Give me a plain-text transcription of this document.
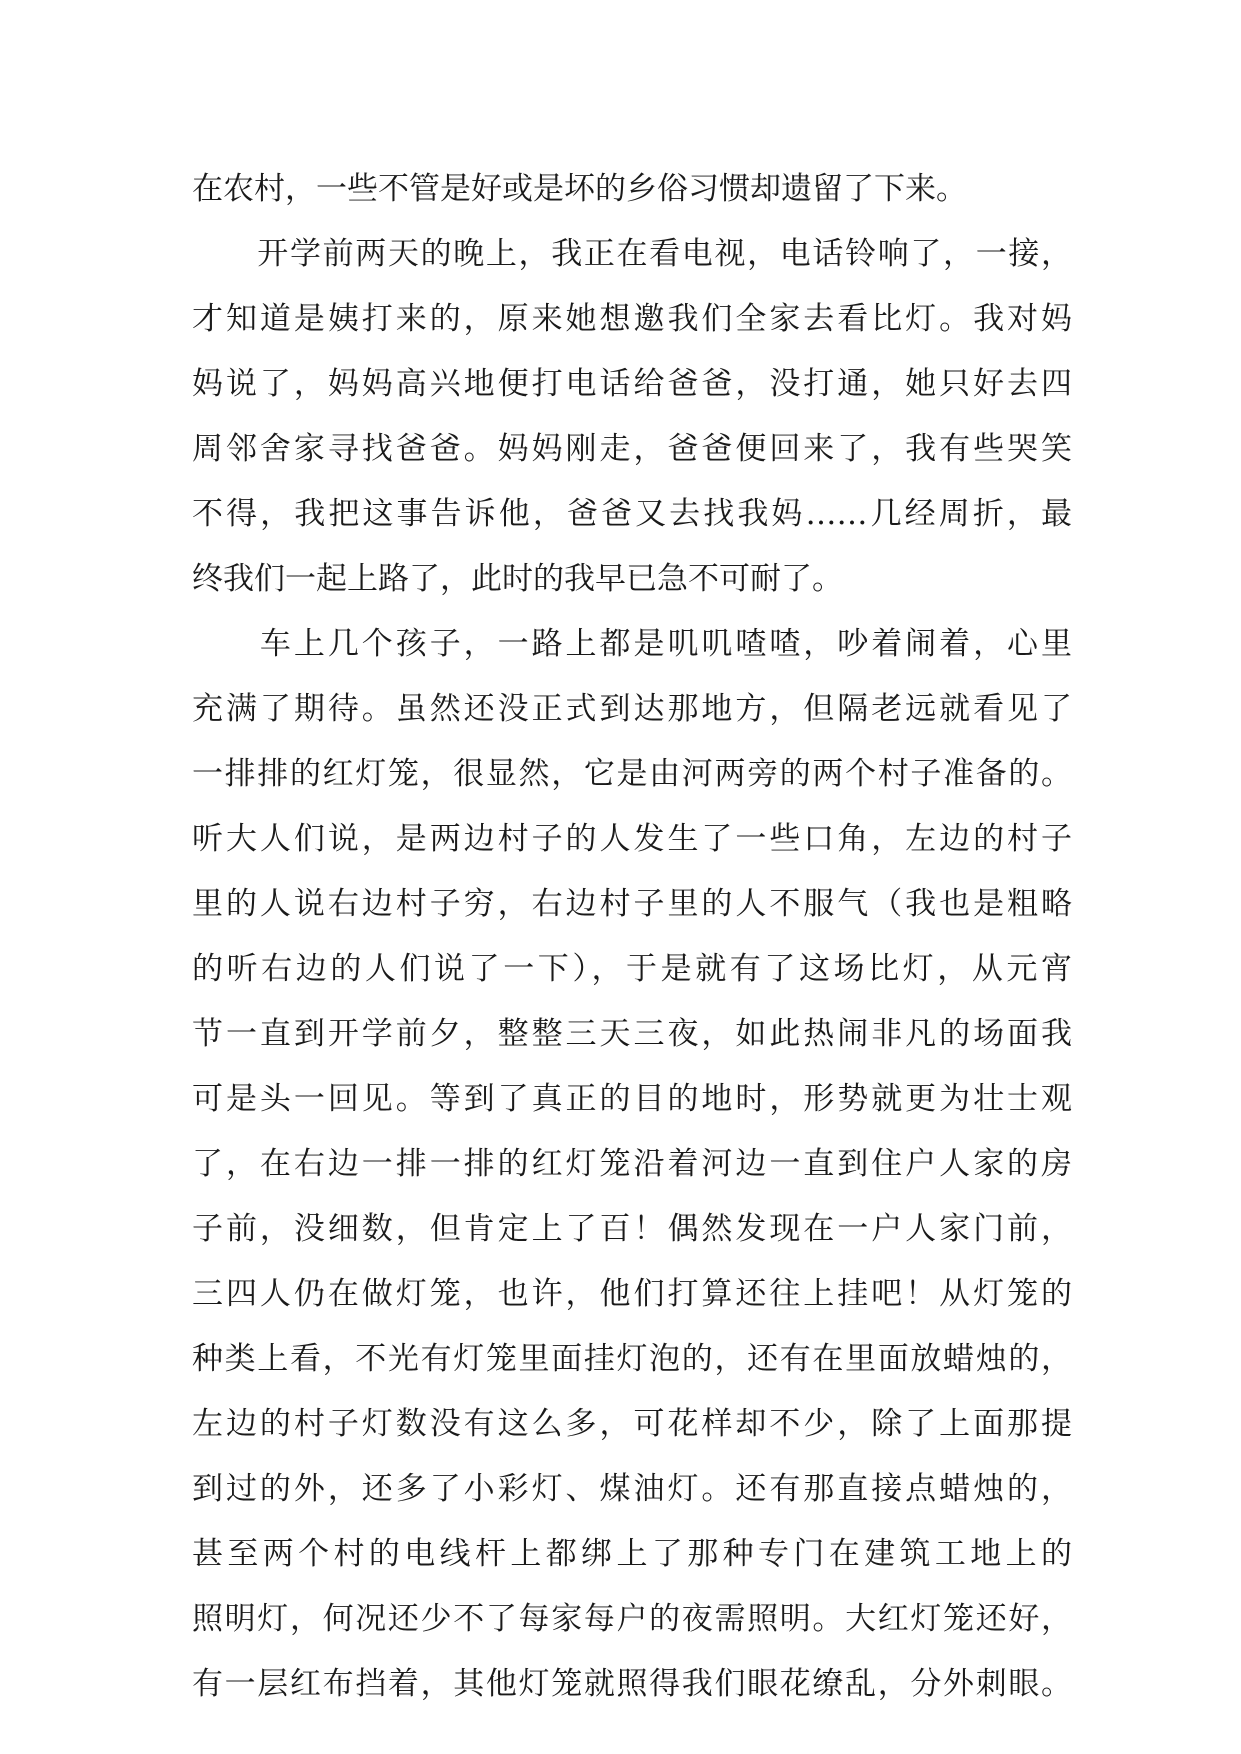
在农村，一些不管是好或是坏的乡俗习惯却遗留了下来。
　　开学前两天的晚上，我正在看电视，电话铃响了，一接，
才知道是姨打来的，原来她想邀我们全家去看比灯。我对妈
妈说了，妈妈高兴地便打电话给爸爸，没打通，她只好去四
周邻舍家寻找爸爸。妈妈刚走，爸爸便回来了，我有些哭笑
不得，我把这事告诉他，爸爸又去找我妈……几经周折，最
终我们一起上路了，此时的我早已急不可耐了。
　　车上几个孩子，一路上都是叽叽喳喳，吵着闹着，心里
充满了期待。虽然还没正式到达那地方，但隔老远就看见了
一排排的红灯笼，很显然，它是由河两旁的两个村子准备的。
听大人们说，是两边村子的人发生了一些口角，左边的村子
里的人说右边村子穷，右边村子里的人不服气（我也是粗略
的听右边的人们说了一下），于是就有了这场比灯，从元宵
节一直到开学前夕，整整三天三夜，如此热闹非凡的场面我
可是头一回见。等到了真正的目的地时，形势就更为壮士观
了，在右边一排一排的红灯笼沿着河边一直到住户人家的房
子前，没细数，但肯定上了百！偶然发现在一户人家门前，
三四人仍在做灯笼，也许，他们打算还往上挂吧！从灯笼的
种类上看，不光有灯笼里面挂灯泡的，还有在里面放蜡烛的，
左边的村子灯数没有这么多，可花样却不少，除了上面那提
到过的外，还多了小彩灯、煤油灯。还有那直接点蜡烛的，
甚至两个村的电线杆上都绑上了那种专门在建筑工地上的
照明灯，何况还少不了每家每户的夜需照明。大红灯笼还好，
有一层红布挡着，其他灯笼就照得我们眼花缭乱，分外刺眼。
